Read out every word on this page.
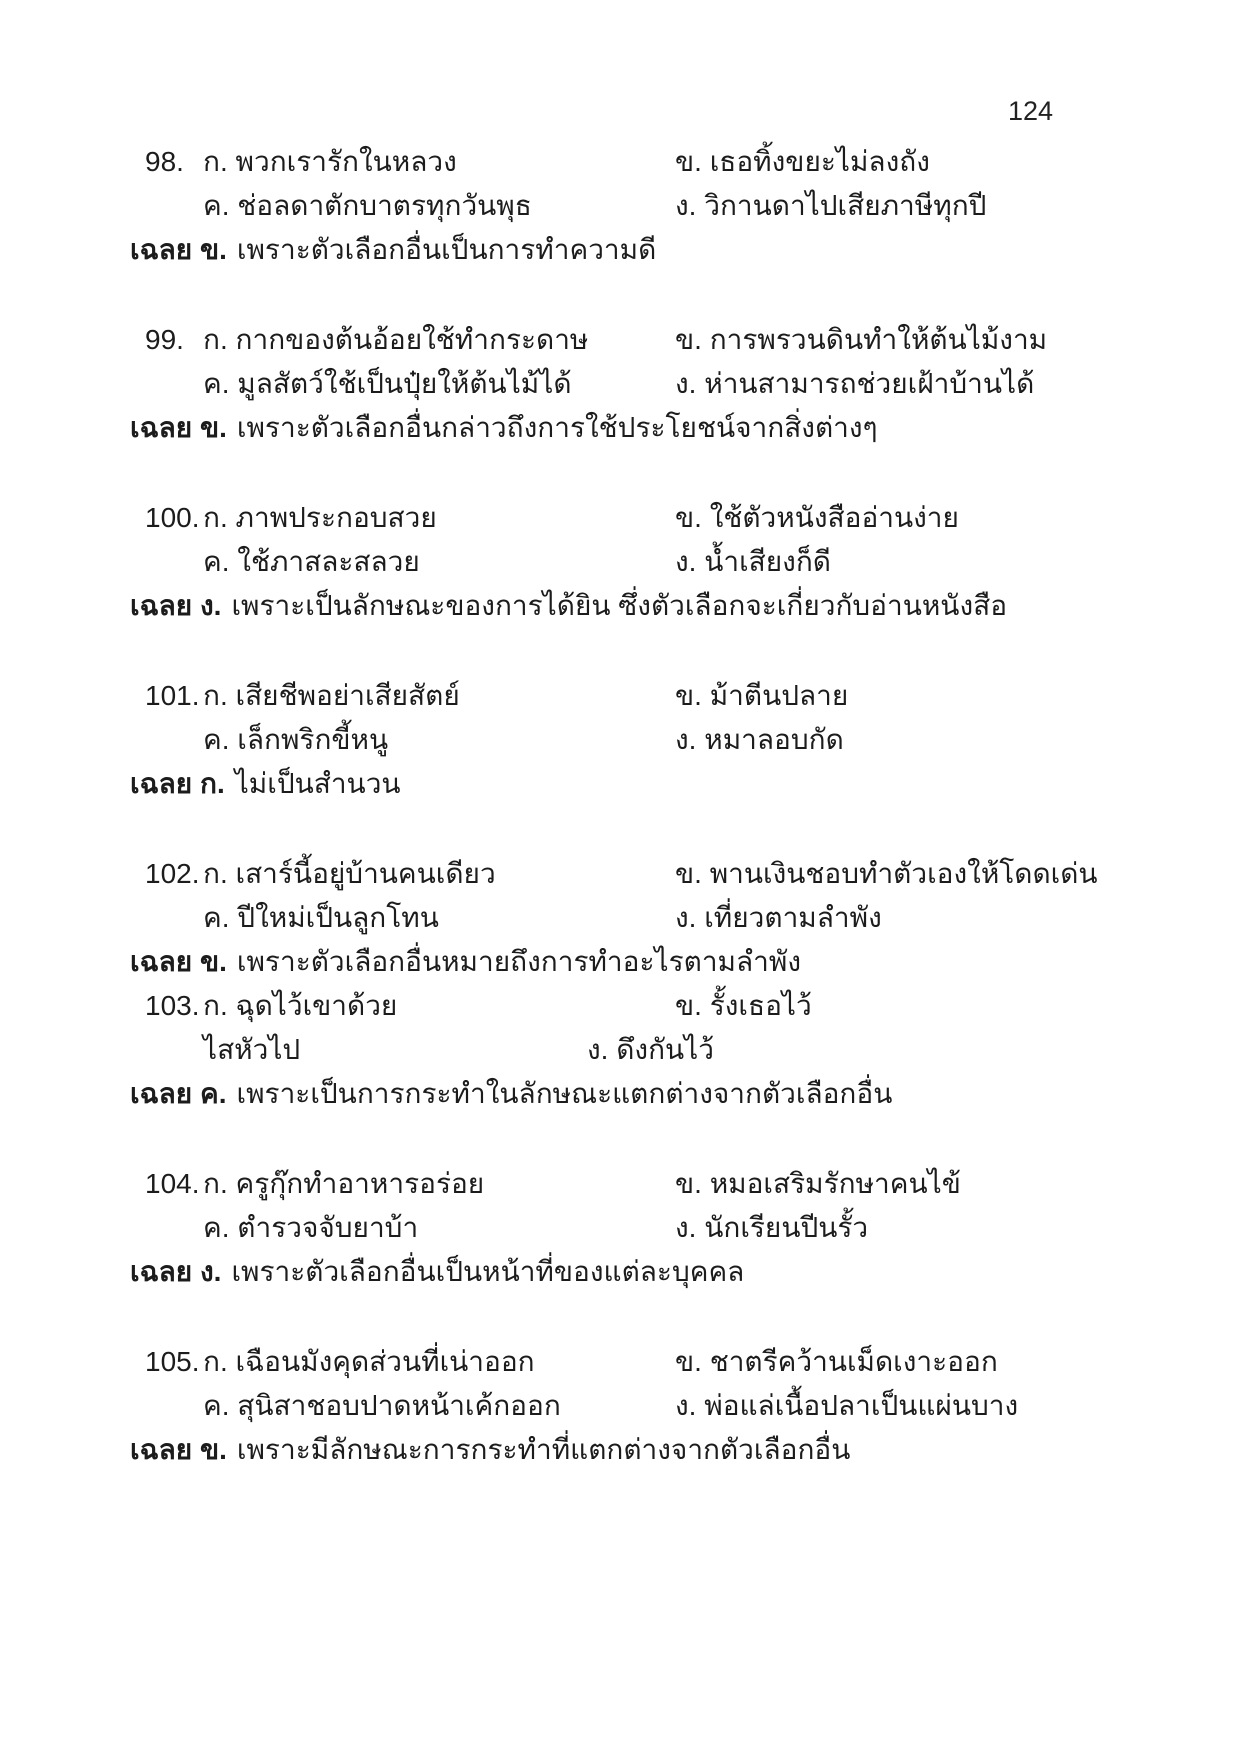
124
98. ก. พวกเรารักในหลวง	ข. เธอทิ้งขยะไม่ลงถัง
ค. ช่อลดาตักบาตรทุกวันพุธ	ง. วิกานดาไปเสียภาษีทุกปี
เฉลย ข. เพราะตัวเลือกอื่นเป็นการทำความดี
99. ก. กากของต้นอ้อยใช้ทำกระดาษ	ข. การพรวนดินทำให้ต้นไม้งาม
ค. มูลสัตว์ใช้เป็นปุ๋ยให้ต้นไม้ได้	ง. ห่านสามารถช่วยเฝ้าบ้านได้
เฉลย ข. เพราะตัวเลือกอื่นกล่าวถึงการใช้ประโยชน์จากสิ่งต่างๆ
100. ก. ภาพประกอบสวย	ข. ใช้ตัวหนังสืออ่านง่าย
ค. ใช้ภาสละสลวย	ง. น้ำเสียงก็ดี
เฉลย ง. เพราะเป็นลักษณะของการได้ยิน ซึ่งตัวเลือกจะเกี่ยวกับอ่านหนังสือ
101. ก. เสียชีพอย่าเสียสัตย์	ข. ม้าตีนปลาย
ค. เล็กพริกขี้หนู	ง. หมาลอบกัด
เฉลย ก. ไม่เป็นสำนวน
102. ก. เสาร์นี้อยู่บ้านคนเดียว	ข. พานเงินชอบทำตัวเองให้โดดเด่น
ค. ปีใหม่เป็นลูกโทน	ง. เที่ยวตามลำพัง
เฉลย ข. เพราะตัวเลือกอื่นหมายถึงการทำอะไรตามลำพัง
103. ก. ฉุดไว้เขาด้วย	ข. รั้งเธอไว้
ไสหัวไป	ง. ดึงกันไว้
เฉลย ค. เพราะเป็นการกระทำในลักษณะแตกต่างจากตัวเลือกอื่น
104. ก. ครูกุ๊กทำอาหารอร่อย	ข. หมอเสริมรักษาคนไข้
ค. ตำรวจจับยาบ้า	ง. นักเรียนปีนรั้ว
เฉลย ง. เพราะตัวเลือกอื่นเป็นหน้าที่ของแต่ละบุคคล
105. ก. เฉือนมังคุดส่วนที่เน่าออก	ข. ชาตรีคว้านเม็ดเงาะออก
ค. สุนิสาชอบปาดหน้าเค้กออก	ง. พ่อแล่เนื้อปลาเป็นแผ่นบาง
เฉลย ข. เพราะมีลักษณะการกระทำที่แตกต่างจากตัวเลือกอื่น
